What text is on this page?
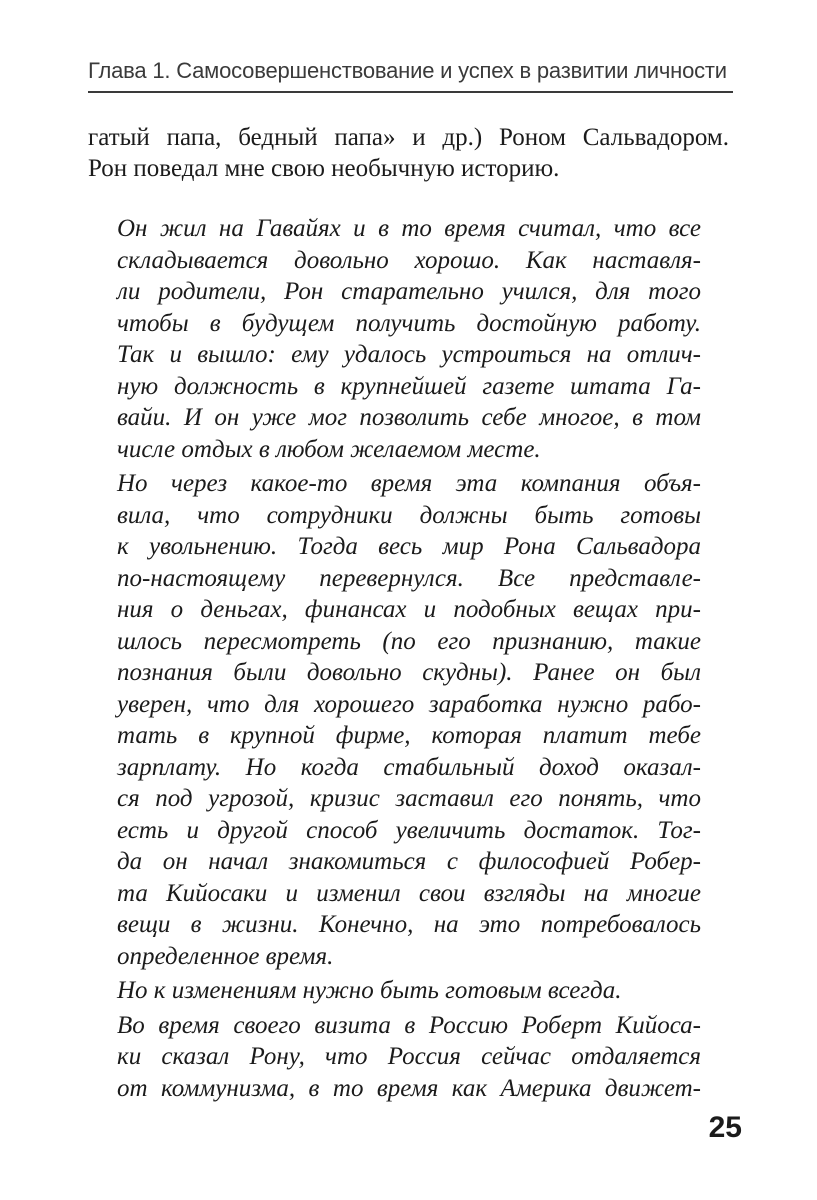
Глава 1. Самосовершенствование и успех в развитии личности
гатый папа, бедный папа» и др.) Роном Сальвадором.
Рон поведал мне свою необычную историю.
Он жил на Гавайях и в то время считал, что все
складывается довольно хорошо. Как наставля-
ли родители, Рон старательно учился, для того
чтобы в будущем получить достойную работу.
Так и вышло: ему удалось устроиться на отлич-
ную должность в крупнейшей газете штата Га-
вайи. И он уже мог позволить себе многое, в том
числе отдых в любом желаемом месте.
Но через какое-то время эта компания объя-
вила, что сотрудники должны быть готовы
к увольнению. Тогда весь мир Рона Сальвадора
по-настоящему перевернулся. Все представле-
ния о деньгах, финансах и подобных вещах при-
шлось пересмотреть (по его признанию, такие
познания были довольно скудны). Ранее он был
уверен, что для хорошего заработка нужно рабо-
тать в крупной фирме, которая платит тебе
зарплату. Но когда стабильный доход оказал-
ся под угрозой, кризис заставил его понять, что
есть и другой способ увеличить достаток. Тог-
да он начал знакомиться с философией Робер-
та Кийосаки и изменил свои взгляды на многие
вещи в жизни. Конечно, на это потребовалось
определенное время.
Но к изменениям нужно быть готовым всегда.
Во время своего визита в Россию Роберт Кийоса-
ки сказал Рону, что Россия сейчас отдаляется
от коммунизма, в то время как Америка движет-
25
